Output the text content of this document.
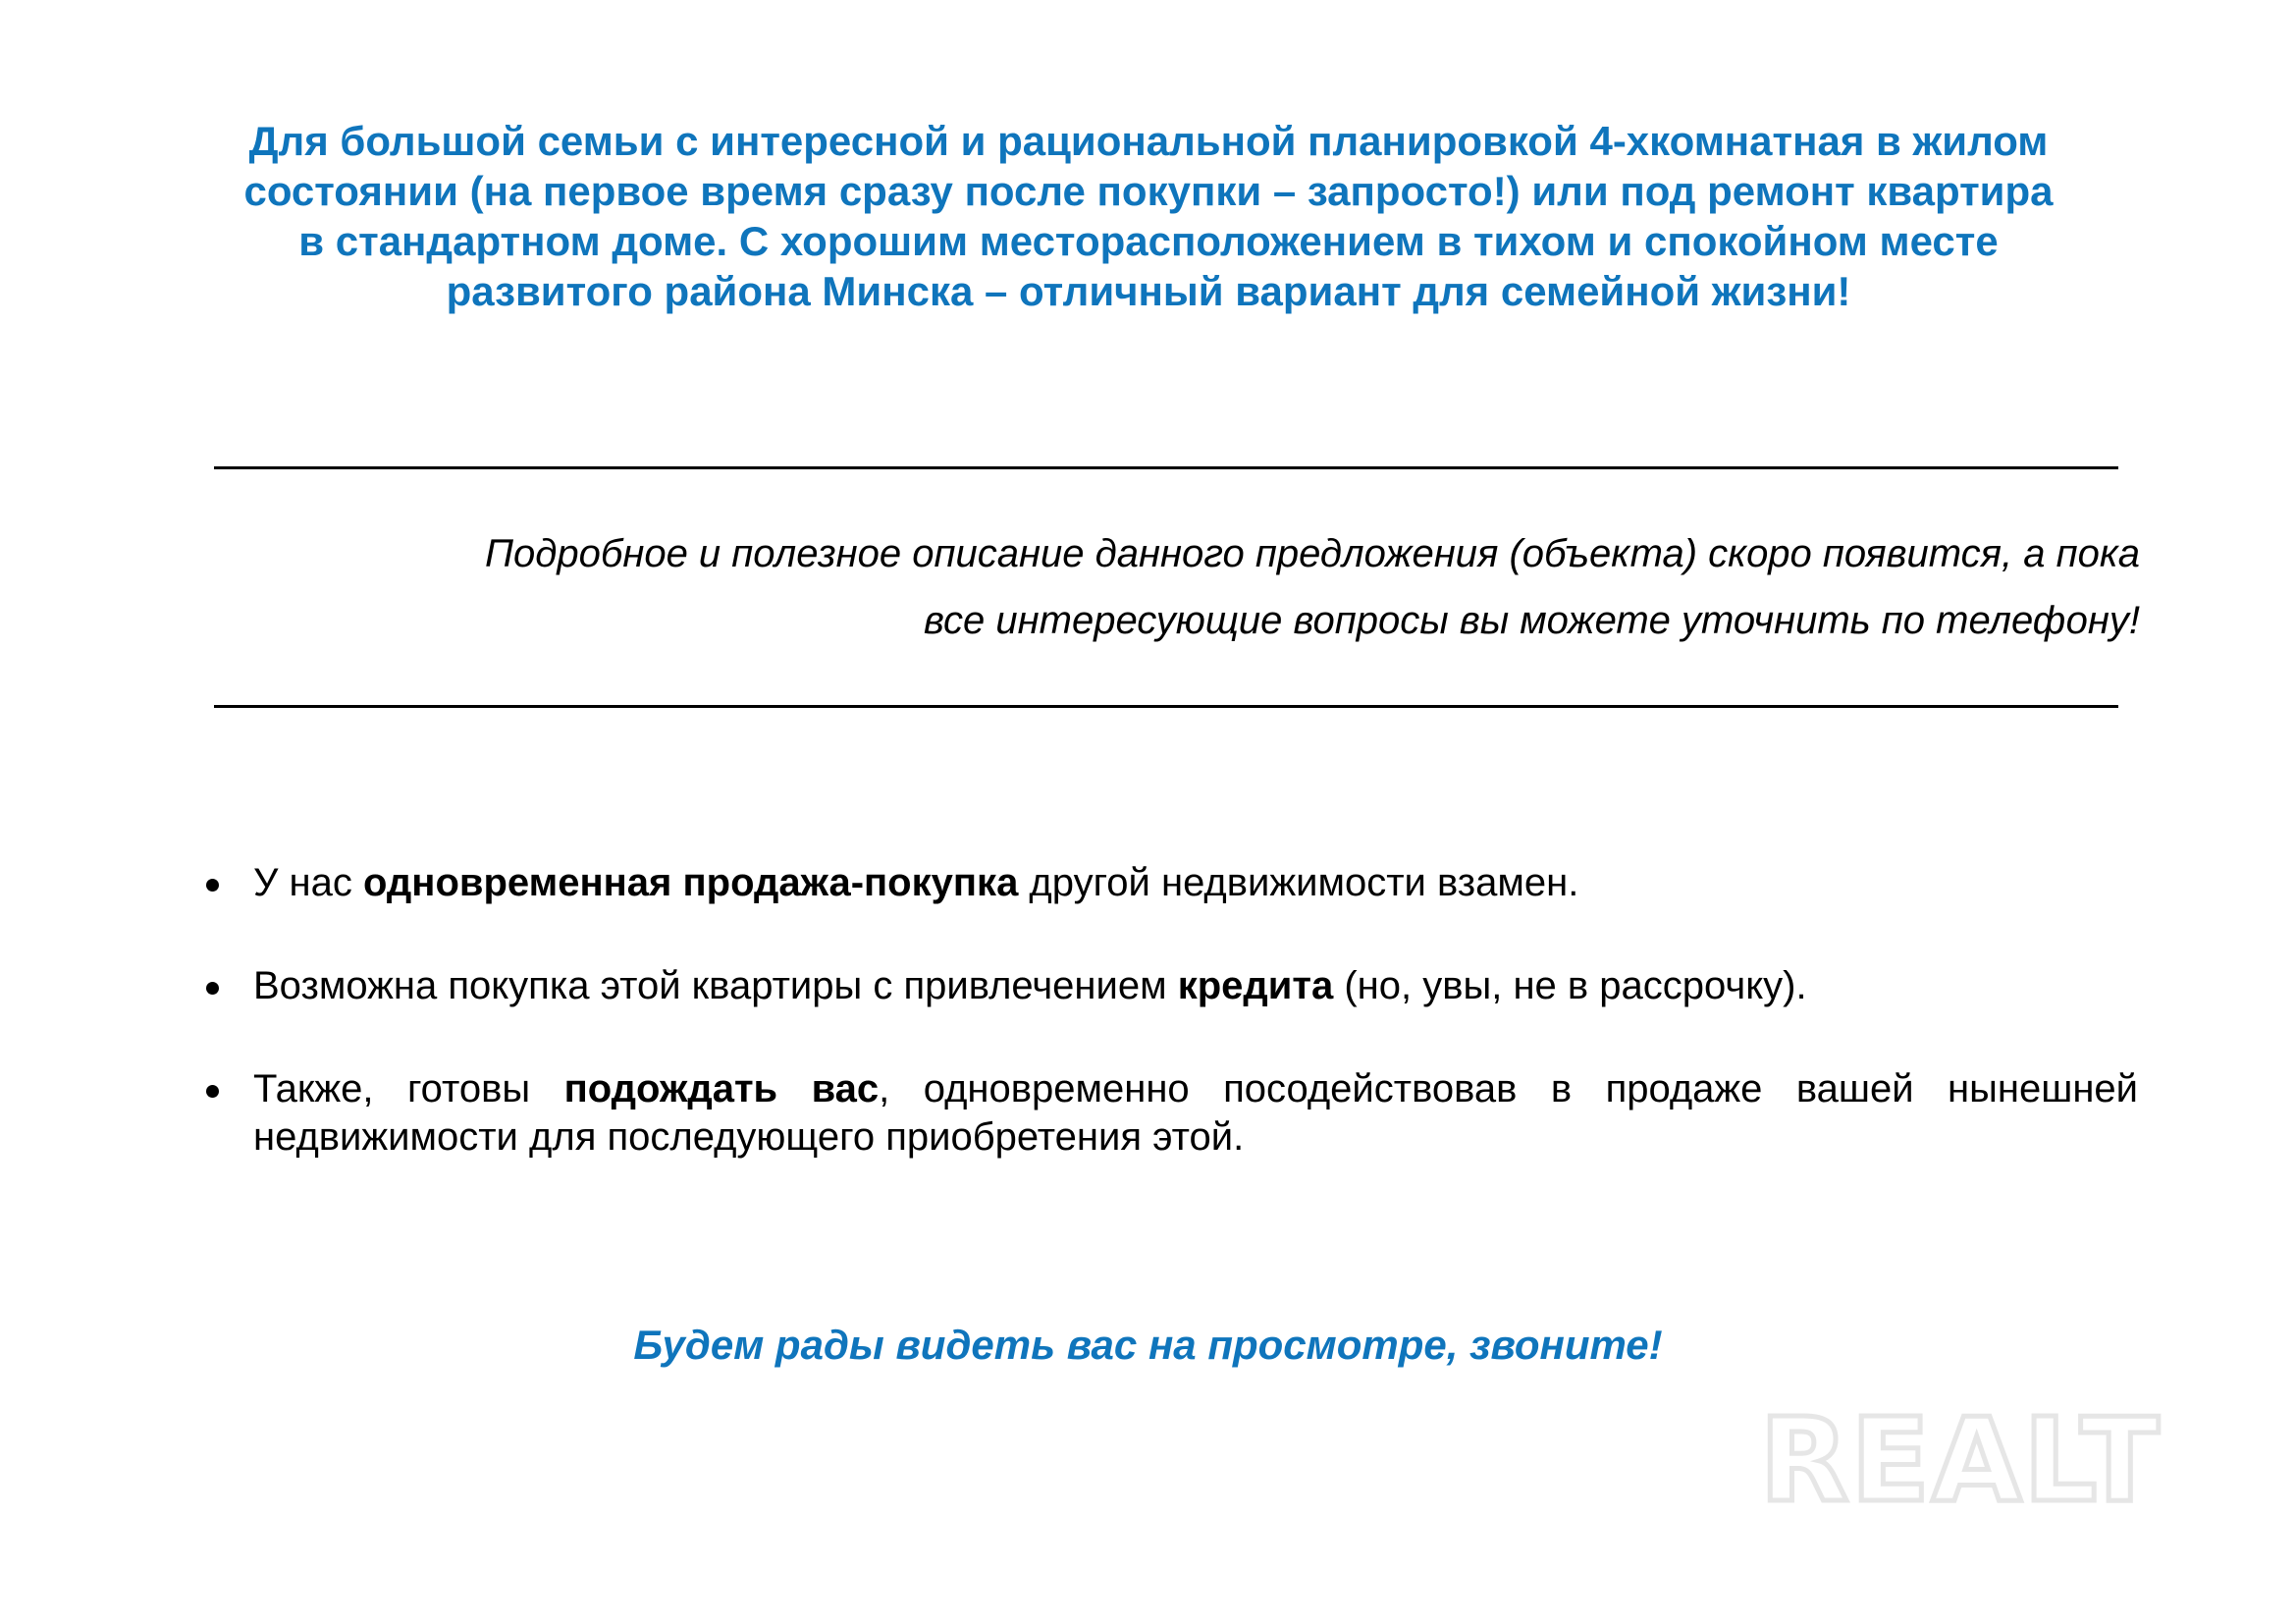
Для большой семьи с интересной и рациональной планировкой 4-хкомнатная в жилом
состоянии (на первое время сразу после покупки – запросто!) или под ремонт квартира
в стандартном доме. С хорошим месторасположением в тихом и спокойном месте
развитого района Минска – отличный вариант для семейной жизни!

Подробное и полезное описание данного предложения (объекта) скоро появится, а пока
все интересующие вопросы вы можете уточнить по телефону!

У нас одновременная продажа-покупка другой недвижимости взамен.
Возможна покупка этой квартиры с привлечением кредита (но, увы, не в рассрочку).
Также, готовы подождать вас, одновременно посодействовав в продаже вашей нынешней недвижимости для последующего приобретения этой.

Будем рады видеть вас на просмотре, звоните!

REALT
